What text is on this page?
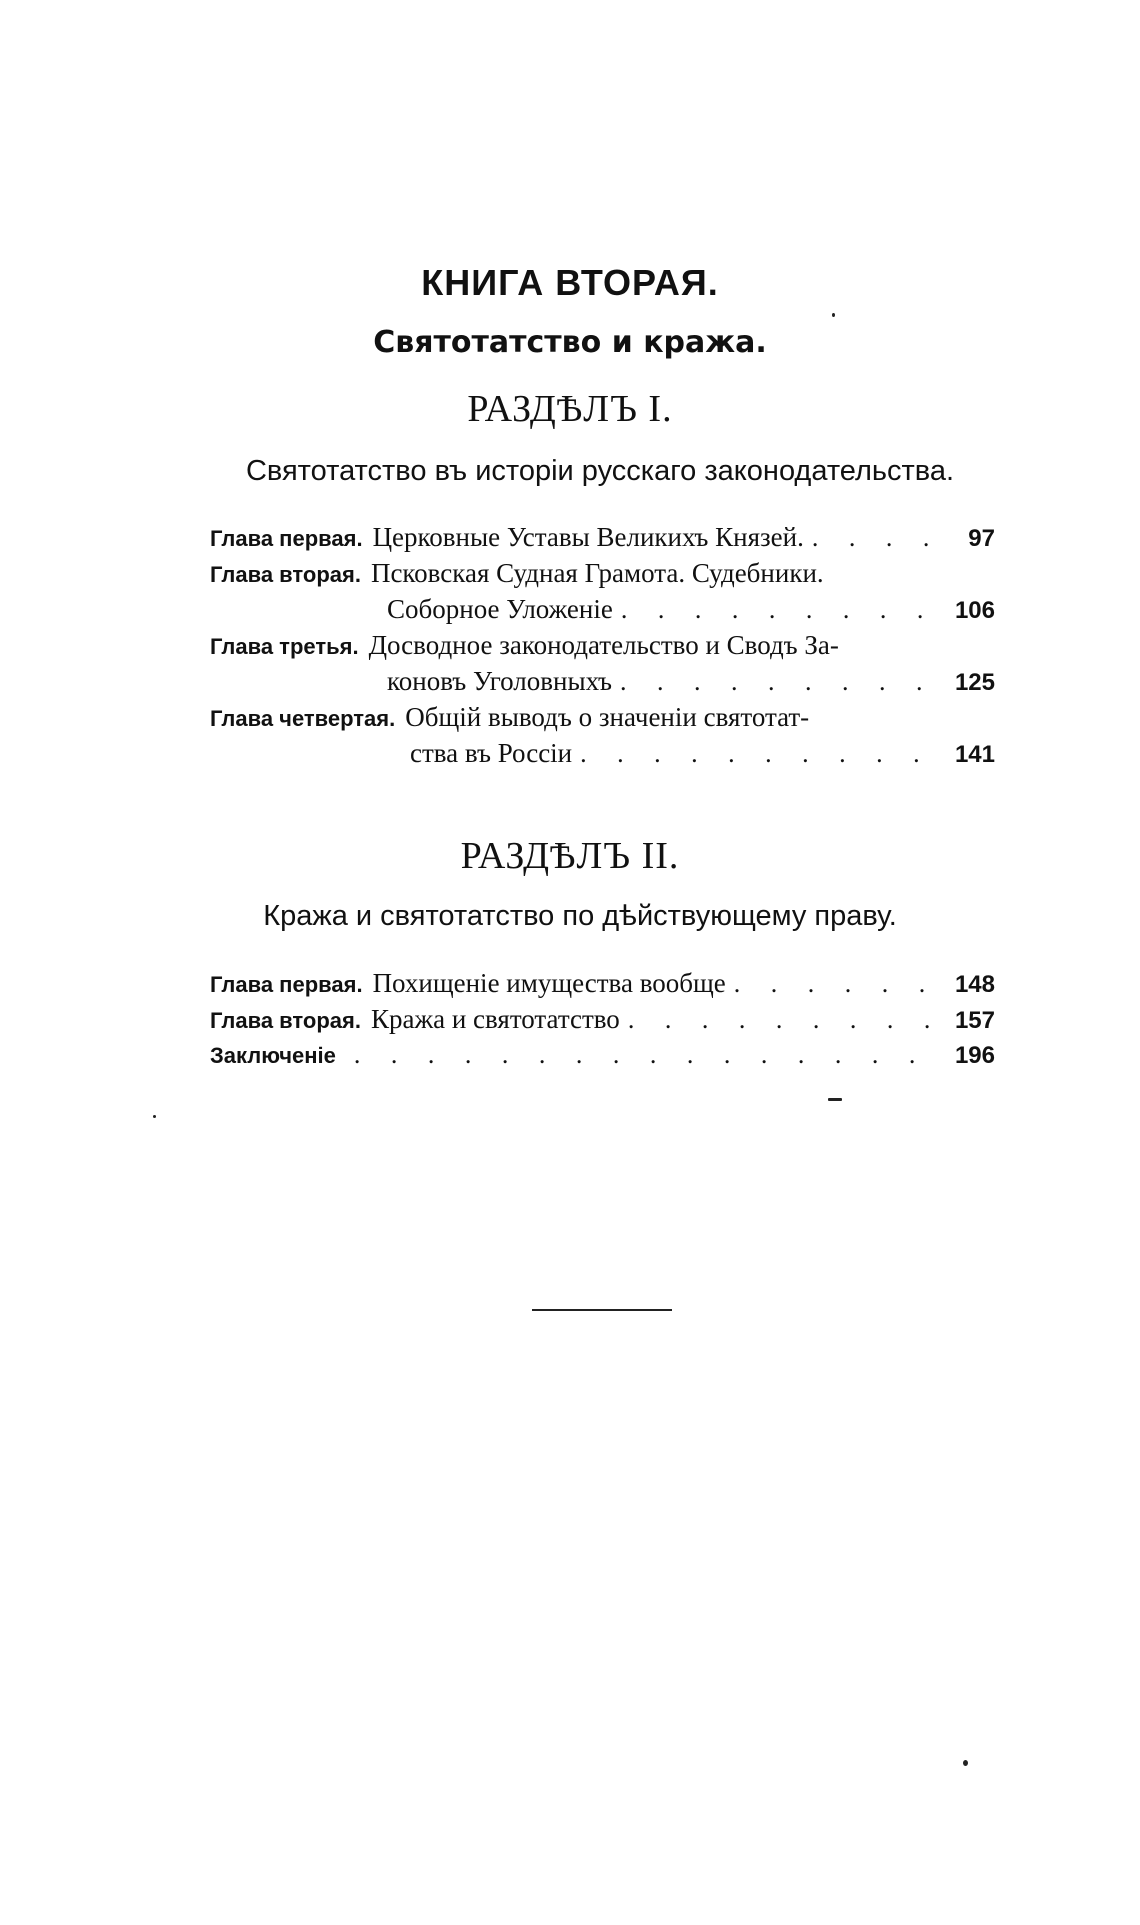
КНИГА ВТОРАЯ.
Святотатство и кража.
РАЗДѢЛЪ I.
Святотатство въ исторіи русскаго законодательства.
Глава первая. Церковные Уставы Великихъ Князей. . . .	97
Глава вторая. Псковская Судная Грамота. Судебники.
Соборное Уложеніе . . .	106
Глава третья. Досводное законодательство и Сводъ За-
коновъ Уголовныхъ . . .	125
Глава четвертая. Общій выводъ о значеніи святотат-
ства въ Россіи . . .	141
РАЗДѢЛЪ II.
Кража и святотатство по дѣйствующему праву.
Глава первая. Похищеніе имущества вообще . . .	148
Глава вторая. Кража и святотатство . . .	157
Заключеніе . . .	196
